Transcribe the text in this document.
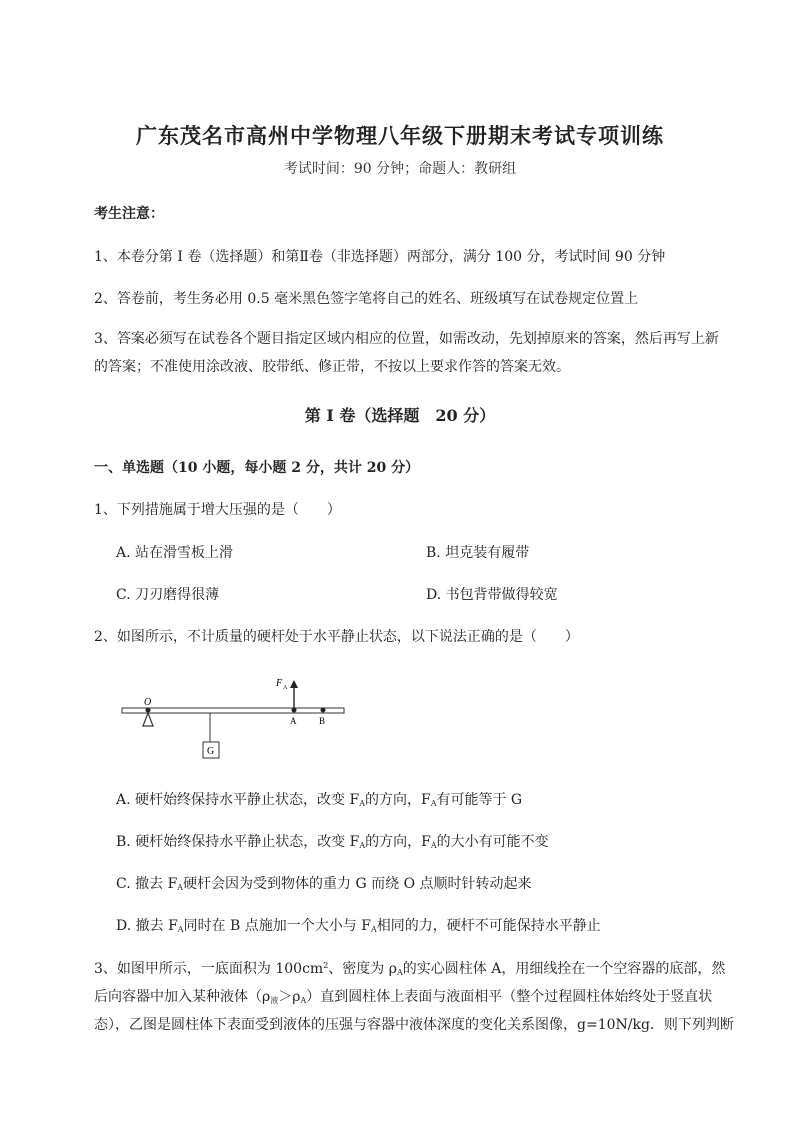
广东茂名市高州中学物理八年级下册期末考试专项训练
考试时间：90 分钟；命题人：教研组
考生注意：
1、本卷分第 I 卷（选择题）和第Ⅱ卷（非选择题）两部分，满分 100 分，考试时间 90 分钟
2、答卷前，考生务必用 0.5 毫米黑色签字笔将自己的姓名、班级填写在试卷规定位置上
3、答案必须写在试卷各个题目指定区域内相应的位置，如需改动，先划掉原来的答案，然后再写上新
的答案；不准使用涂改液、胶带纸、修正带，不按以上要求作答的答案无效。
第 I 卷（选择题　20 分）
一、单选题（10 小题，每小题 2 分，共计 20 分）
1、下列措施属于增大压强的是（　　）
A. 站在滑雪板上滑	B. 坦克装有履带
C. 刀刃磨得很薄	D. 书包背带做得较宽
2、如图所示，不计质量的硬杆处于水平静止状态，以下说法正确的是（　　）
O
G
F A
A	B
A. 硬杆始终保持水平静止状态，改变 $F_A$的方向，$F_A$有可能等于 G
B. 硬杆始终保持水平静止状态，改变 $F_A$的方向，$F_A$的大小有可能不变
C. 撤去 $F_A$硬杆会因为受到物体的重力 G 而绕 O 点顺时针转动起来
D. 撤去 $F_A$同时在 B 点施加一个大小与 $F_A$相同的力，硬杆不可能保持水平静止
3、如图甲所示，一底面积为 $100cm^2$、密度为 $\rho_A$的实心圆柱体 A，用细线拴在一个空容器的底部，然
后向容器中加入某种液体$(\rho_液>\rho_A)$直到圆柱体上表面与液面相平（整个过程圆柱体始终处于竖直状
态），乙图是圆柱体下表面受到液体的压强与容器中液体深度的变化关系图像，g=10N/kg．则下列判断
